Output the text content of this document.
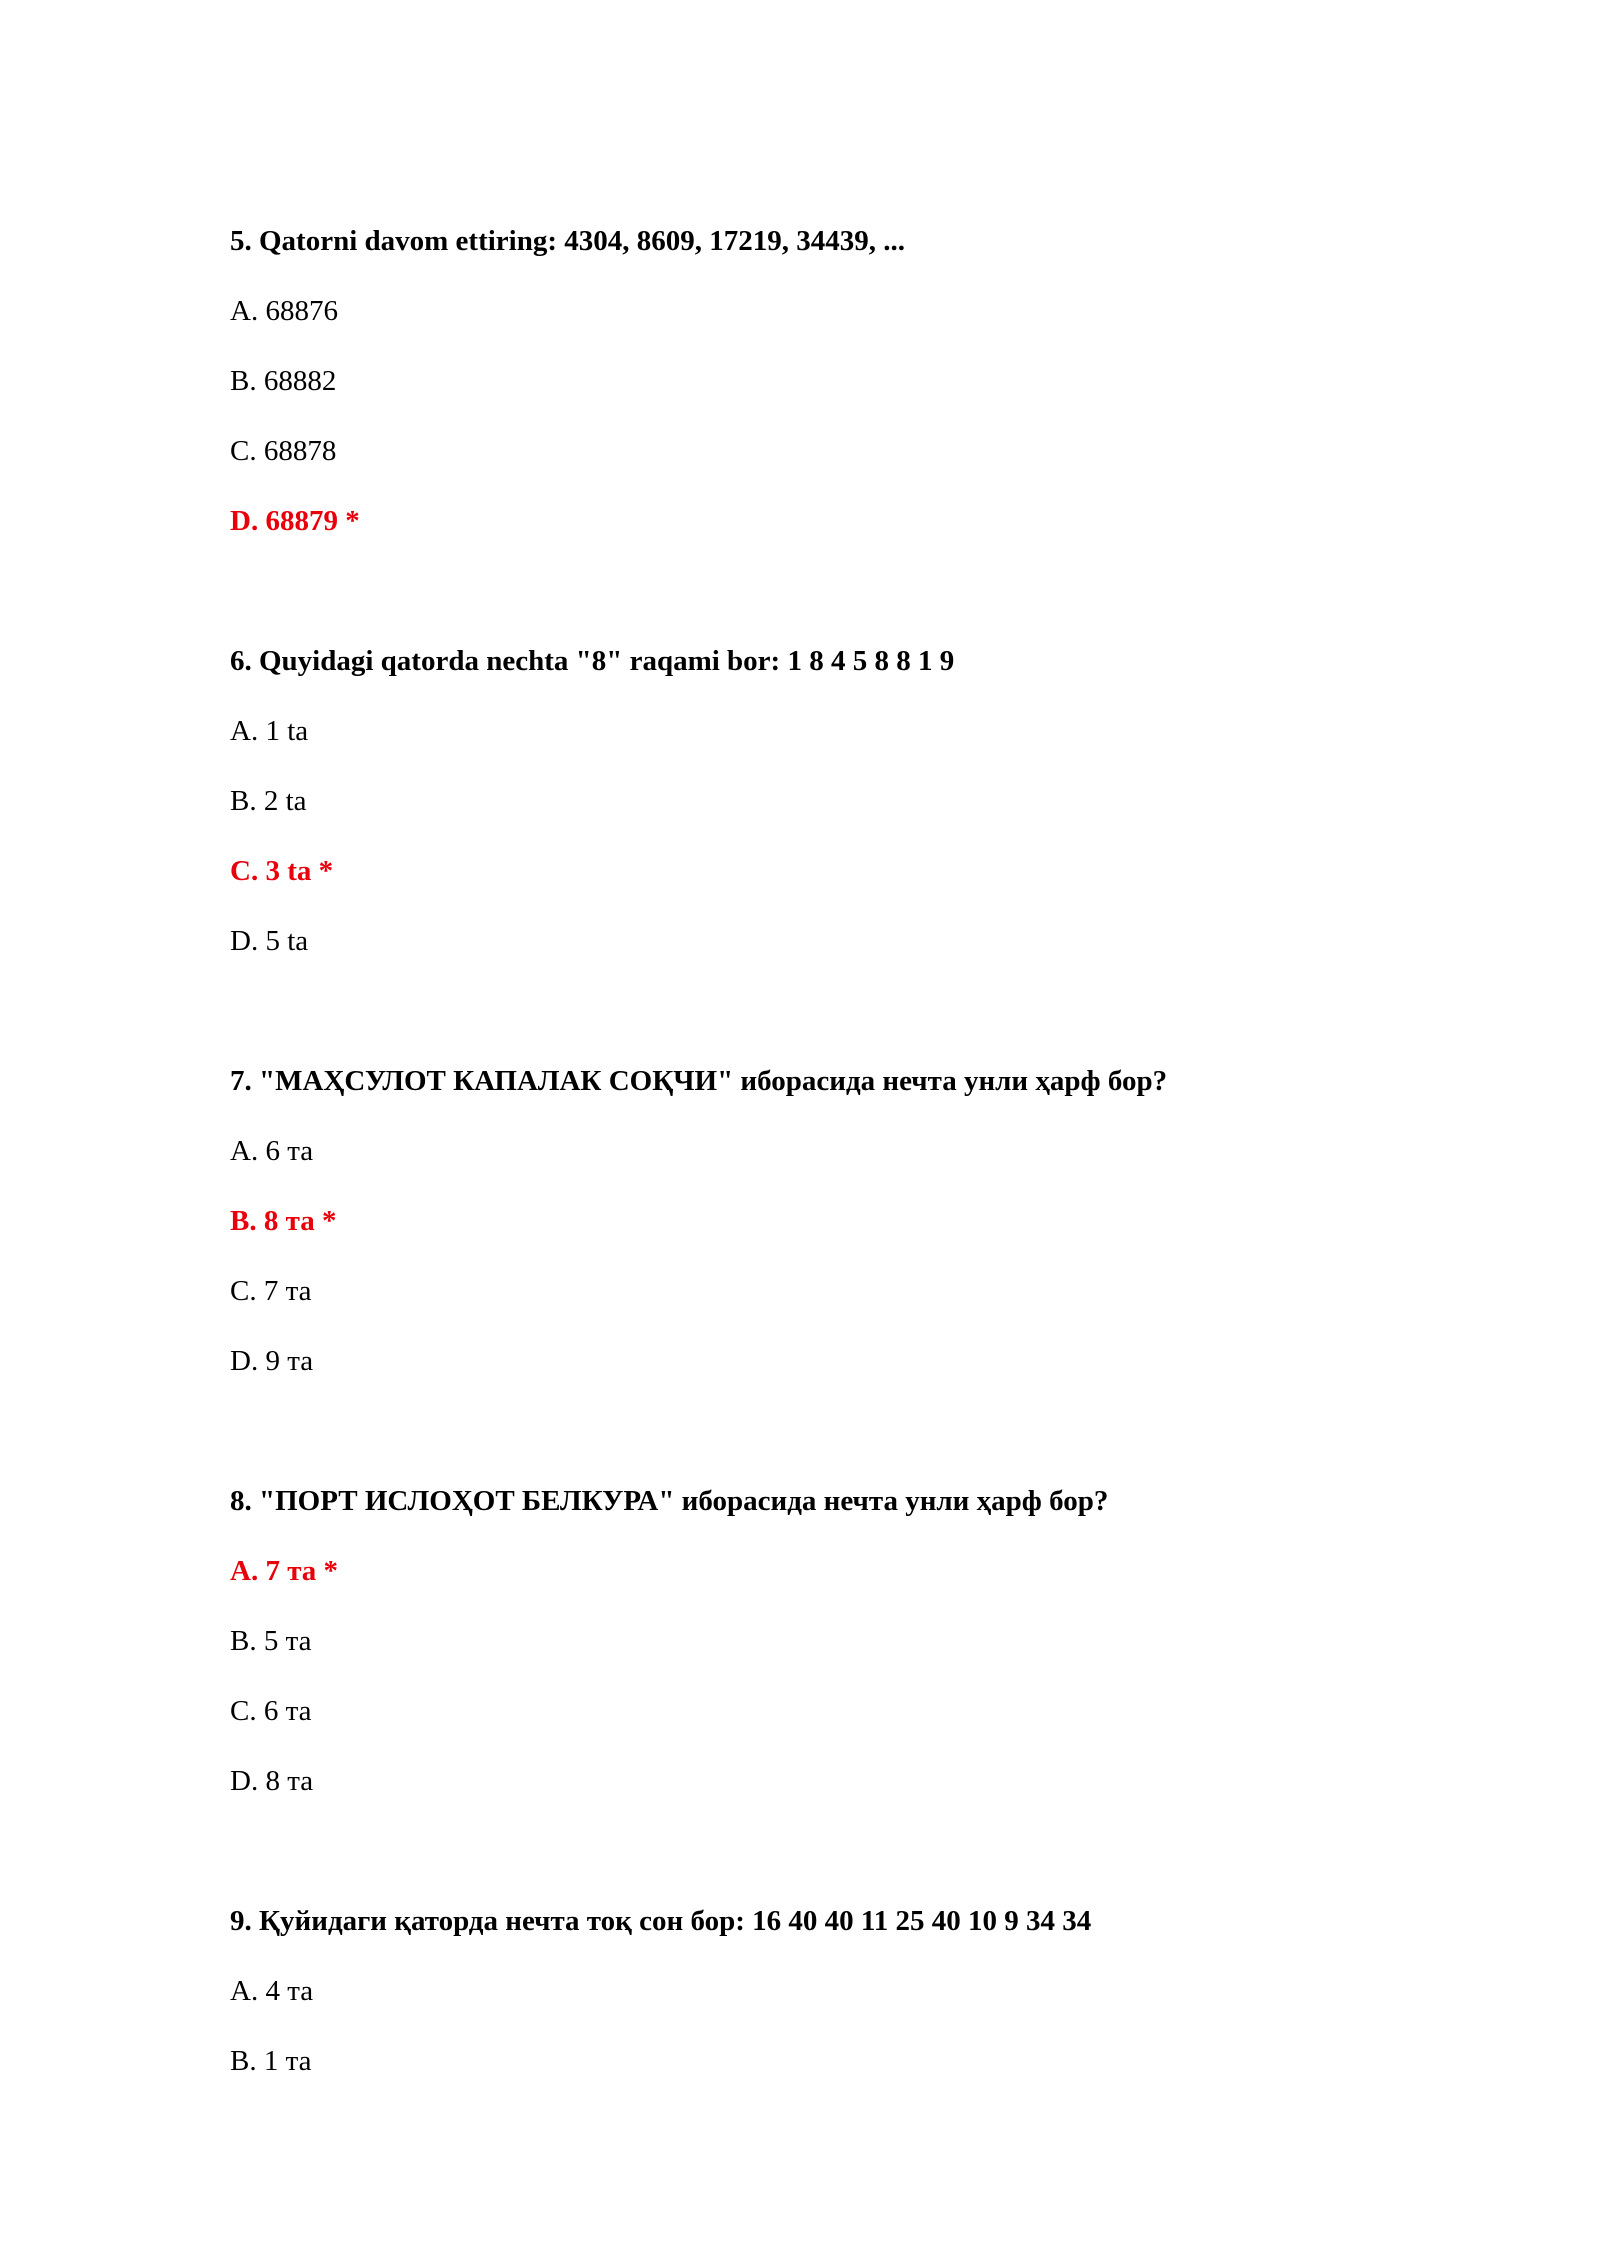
5. Qatorni davom ettiring: 4304, 8609, 17219, 34439, ...
A. 68876
B. 68882
C. 68878
D. 68879 *
6. Quyidagi qatorda nechta "8" raqami bor: 1 8 4 5 8 8 1 9
A. 1 ta
B. 2 ta
C. 3 ta *
D. 5 ta
7. "МАҲСУЛОТ КАПАЛАК СОҚЧИ" иборасида нечта унли ҳарф бор?
A. 6 та
B. 8 та *
C. 7 та
D. 9 та
8. "ПОРТ ИСЛОҲОТ БЕЛКУРА" иборасида нечта унли ҳарф бор?
A. 7 та *
B. 5 та
C. 6 та
D. 8 та
9. Қуйидаги қаторда нечта тоқ сон бор: 16 40 40 11 25 40 10 9 34 34
A. 4 та
B. 1 та
